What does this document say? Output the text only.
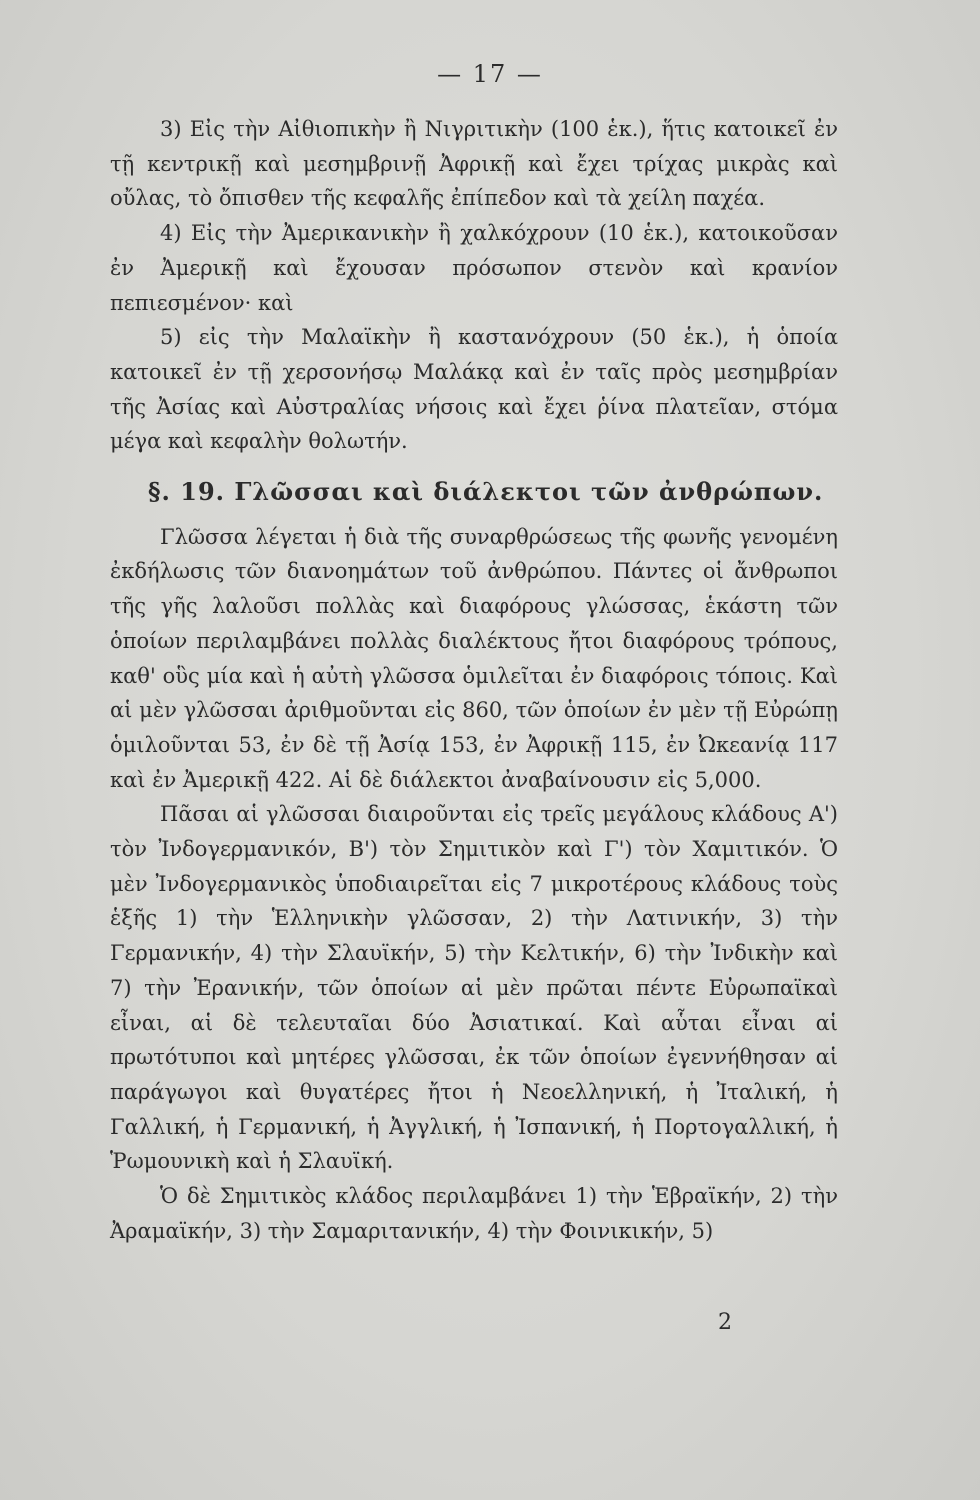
— 17 —

3) Εἰς τὴν Αἰθιοπικὴν ἢ Νιγριτικὴν (100 ἑκ.), ἥτις κατοικεῖ ἐν τῇ κεντρικῇ καὶ μεσημβρινῇ Ἀφρικῇ καὶ ἔχει τρίχας μικρὰς καὶ οὔλας, τὸ ὄπισθεν τῆς κεφαλῆς ἐπίπεδον καὶ τὰ χείλη παχέα.

4) Εἰς τὴν Ἀμερικανικὴν ἢ χαλκόχρουν (10 ἑκ.), κατοικοῦσαν ἐν Ἀμερικῇ καὶ ἔχουσαν πρόσωπον στενὸν καὶ κρανίον πεπιεσμένον· καὶ

5) εἰς τὴν Μαλαϊκὴν ἢ καστανόχρουν (50 ἑκ.), ἡ ὁποία κατοικεῖ ἐν τῇ χερσονήσῳ Μαλάκᾳ καὶ ἐν ταῖς πρὸς μεσημβρίαν τῆς Ἀσίας καὶ Αὐστραλίας νήσοις καὶ ἔχει ῥίνα πλατεῖαν, στόμα μέγα καὶ κεφαλὴν θολωτήν.

§. 19. Γλῶσσαι καὶ διάλεκτοι τῶν ἀνθρώπων.

Γλῶσσα λέγεται ἡ διὰ τῆς συναρθρώσεως τῆς φωνῆς γενομένη ἐκδήλωσις τῶν διανοημάτων τοῦ ἀνθρώπου. Πάντες οἱ ἄνθρωποι τῆς γῆς λαλοῦσι πολλὰς καὶ διαφόρους γλώσσας, ἑκάστη τῶν ὁποίων περιλαμβάνει πολλὰς διαλέκτους ἤτοι διαφόρους τρόπους, καθ' οὓς μία καὶ ἡ αὐτὴ γλῶσσα ὁμιλεῖται ἐν διαφόροις τόποις. Καὶ αἱ μὲν γλῶσσαι ἀριθμοῦνται εἰς 860, τῶν ὁποίων ἐν μὲν τῇ Εὐρώπῃ ὁμιλοῦνται 53, ἐν δὲ τῇ Ἀσίᾳ 153, ἐν Ἀφρικῇ 115, ἐν Ὠκεανίᾳ 117 καὶ ἐν Ἀμερικῇ 422. Αἱ δὲ διάλεκτοι ἀναβαίνουσιν εἰς 5,000.

Πᾶσαι αἱ γλῶσσαι διαιροῦνται εἰς τρεῖς μεγάλους κλάδους Α') τὸν Ἰνδογερμανικόν, Β') τὸν Σημιτικὸν καὶ Γ') τὸν Χαμιτικόν. Ὁ μὲν Ἰνδογερμανικὸς ὑποδιαιρεῖται εἰς 7 μικροτέρους κλάδους τοὺς ἑξῆς 1) τὴν Ἑλληνικὴν γλῶσσαν, 2) τὴν Λατινικήν, 3) τὴν Γερμανικήν, 4) τὴν Σλαυϊκήν, 5) τὴν Κελτικήν, 6) τὴν Ἰνδικὴν καὶ 7) τὴν Ἐρανικήν, τῶν ὁποίων αἱ μὲν πρῶται πέντε Εὐρωπαϊκαὶ εἶναι, αἱ δὲ τελευταῖαι δύο Ἀσιατικαί. Καὶ αὗται εἶναι αἱ πρωτότυποι καὶ μητέρες γλῶσσαι, ἐκ τῶν ὁποίων ἐγεννήθησαν αἱ παράγωγοι καὶ θυγατέρες ἤτοι ἡ Νεοελληνική, ἡ Ἰταλική, ἡ Γαλλική, ἡ Γερμανική, ἡ Ἀγγλική, ἡ Ἰσπανική, ἡ Πορτογαλλική, ἡ Ῥωμουνικὴ καὶ ἡ Σλαυϊκή.

Ὁ δὲ Σημιτικὸς κλάδος περιλαμβάνει 1) τὴν Ἑβραϊκήν, 2) τὴν Ἀραμαϊκήν, 3) τὴν Σαμαριτανικήν, 4) τὴν Φοινικικήν, 5)

2
